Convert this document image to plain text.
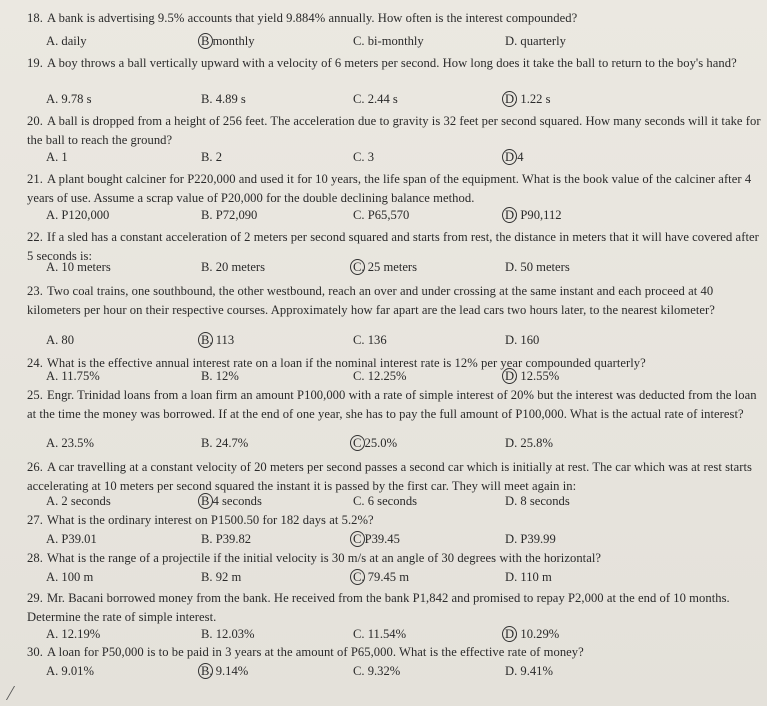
18. A bank is advertising 9.5% accounts that yield 9.884% annually. How often is the interest compounded?
A. daily	B monthly	C. bi-monthly	D. quarterly
19. A boy throws a ball vertically upward with a velocity of 6 meters per second. How long does it take the ball to return to the boy's hand?
A. 9.78 s	B. 4.89 s	C. 2.44 s	D. 1.22 s
20. A ball is dropped from a height of 256 feet. The acceleration due to gravity is 32 feet per second squared. How many seconds will it take for the ball to reach the ground?
A. 1	B. 2	C. 3	D 4
21. A plant bought calciner for P220,000 and used it for 10 years, the life span of the equipment. What is the book value of the calciner after 4 years of use. Assume a scrap value of P20,000 for the double declining balance method.
A. P120,000	B. P72,090	C. P65,570	D. P90,112
22. If a sled has a constant acceleration of 2 meters per second squared and starts from rest, the distance in meters that it will have covered after 5 seconds is:
A. 10 meters	B. 20 meters	C. 25 meters	D. 50 meters
23. Two coal trains, one southbound, the other westbound, reach an over and under crossing at the same instant and each proceed at 40 kilometers per hour on their respective courses. Approximately how far apart are the lead cars two hours later, to the nearest kilometer?
A. 80	B. 113	C. 136	D. 160
24. What is the effective annual interest rate on a loan if the nominal interest rate is 12% per year compounded quarterly?
A. 11.75%	B. 12%	C. 12.25%	D. 12.55%
25. Engr. Trinidad loans from a loan firm an amount P100,000 with a rate of simple interest of 20% but the interest was deducted from the loan at the time the money was borrowed. If at the end of one year, she has to pay the full amount of P100,000. What is the actual rate of interest?
A. 23.5%	B. 24.7%	C 25.0%	D. 25.8%
26. A car travelling at a constant velocity of 20 meters per second passes a second car which is initially at rest. The car which was at rest starts accelerating at 10 meters per second squared the instant it is passed by the first car. They will meet again in:
A. 2 seconds	B 4 seconds	C. 6 seconds	D. 8 seconds
27. What is the ordinary interest on P1500.50 for 182 days at 5.2%?
A. P39.01	B. P39.82	C P39.45	D. P39.99
28. What is the range of a projectile if the initial velocity is 30 m/s at an angle of 30 degrees with the horizontal?
A. 100 m	B. 92 m	C. 79.45 m	D. 110 m
29. Mr. Bacani borrowed money from the bank. He received from the bank P1,842 and promised to repay P2,000 at the end of 10 months. Determine the rate of simple interest.
A. 12.19%	B. 12.03%	C. 11.54%	D. 10.29%
30. A loan for P50,000 is to be paid in 3 years at the amount of P65,000. What is the effective rate of money?
A. 9.01%	B. 9.14%	C. 9.32%	D. 9.41%
